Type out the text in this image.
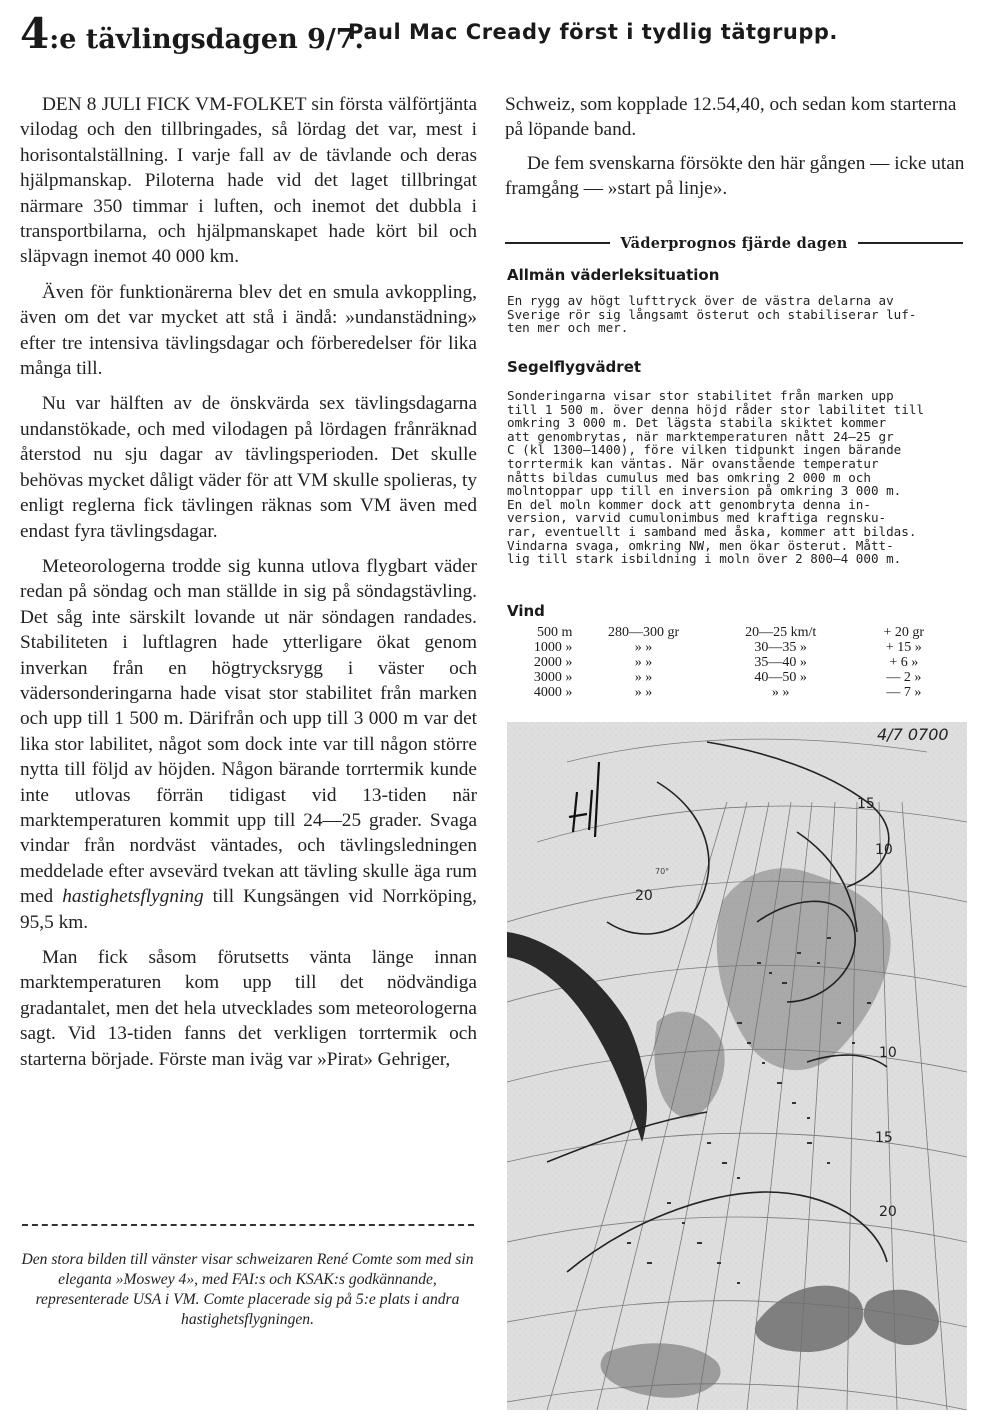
4:e tävlingsdagen 9/7.
Paul Mac Cready först i tydlig tätgrupp.

DEN 8 JULI FICK VM-FOLKET sin första välförtjänta vilodag och den tillbringades, så lördag det var, mest i horisontalställning. I varje fall av de tävlande och deras hjälpmanskap. Piloterna hade vid det laget tillbringat närmare 350 timmar i luften, och inemot det dubbla i transportbilarna, och hjälpmanskapet hade kört bil och släpvagn inemot 40 000 km.

Även för funktionärerna blev det en smula avkoppling, även om det var mycket att stå i ändå: »undanstädning» efter tre intensiva tävlingsdagar och förberedelser för lika många till.

Nu var hälften av de önskvärda sex tävlingsdagarna undanstökade, och med vilodagen på lördagen frånräknad återstod nu sju dagar av tävlingsperioden. Det skulle behövas mycket dåligt väder för att VM skulle spolieras, ty enligt reglerna fick tävlingen räknas som VM även med endast fyra tävlingsdagar.

Meteorologerna trodde sig kunna utlova flygbart väder redan på söndag och man ställde in sig på söndagstävling. Det såg inte särskilt lovande ut när söndagen randades. Stabiliteten i luftlagren hade ytterligare ökat genom inverkan från en högtrycksrygg i väster och vädersonderingarna hade visat stor stabilitet från marken och upp till 1 500 m. Därifrån och upp till 3 000 m var det lika stor labilitet, något som dock inte var till någon större nytta till följd av höjden. Någon bärande torrtermik kunde inte utlovas förrän tidigast vid 13-tiden när marktemperaturen kommit upp till 24—25 grader. Svaga vindar från nordväst väntades, och tävlingsledningen meddelade efter avsevärd tvekan att tävling skulle äga rum med hastighetsflygning till Kungsängen vid Norrköping, 95,5 km.

Man fick såsom förutsetts vänta länge innan marktemperaturen kom upp till det nödvändiga gradantalet, men det hela utvecklades som meteorologerna sagt. Vid 13-tiden fanns det verkligen torrtermik och starterna började. Förste man iväg var »Pirat» Gehriger,

Den stora bilden till vänster visar schweizaren René Comte som med sin eleganta »Moswey 4», med FAI:s och KSAK:s godkännande, representerade USA i VM. Comte placerade sig på 5:e plats i andra hastighetsflygningen.

Schweiz, som kopplade 12.54,40, och sedan kom starterna på löpande band.

De fem svenskarna försökte den här gången — icke utan framgång — »start på linje».

Väderprognos fjärde dagen
Allmän väderleksituation
En rygg av högt lufttryck över de västra delarna av
Sverige rör sig långsamt österut och stabiliserar luf-
ten mer och mer.
Segelflygvädret
Sonderingarna visar stor stabilitet från marken upp
till 1 500 m. över denna höjd råder stor labilitet till
omkring 3 000 m. Det lägsta stabila skiktet kommer
att genombrytas, när marktemperaturen nått 24—25 gr
C (kl 1300—1400), före vilken tidpunkt ingen bärande
torrtermik kan väntas. När ovanstående temperatur
nåtts bildas cumulus med bas omkring 2 000 m och
molntoppar upp till en inversion på omkring 3 000 m.
En del moln kommer dock att genombryta denna in-
version, varvid cumulonimbus med kraftiga regnsku-
rar, eventuellt i samband med åska, kommer att bildas.
Vindarna svaga, omkring NW, men ökar österut. Mått-
lig till stark isbildning i moln över 2 800—4 000 m.
Vind
500 m	280—300 gr	20—25 km/t	+ 20 gr
1000 »	» »	30—35 »	+ 15 »
2000 »	» »	35—40 »	+ 6 »
3000 »	» »	40—50 »	— 2 »
4000 »	» »	» »	— 7 »
4/7 0700
15
10
20
10
15
20
70°
